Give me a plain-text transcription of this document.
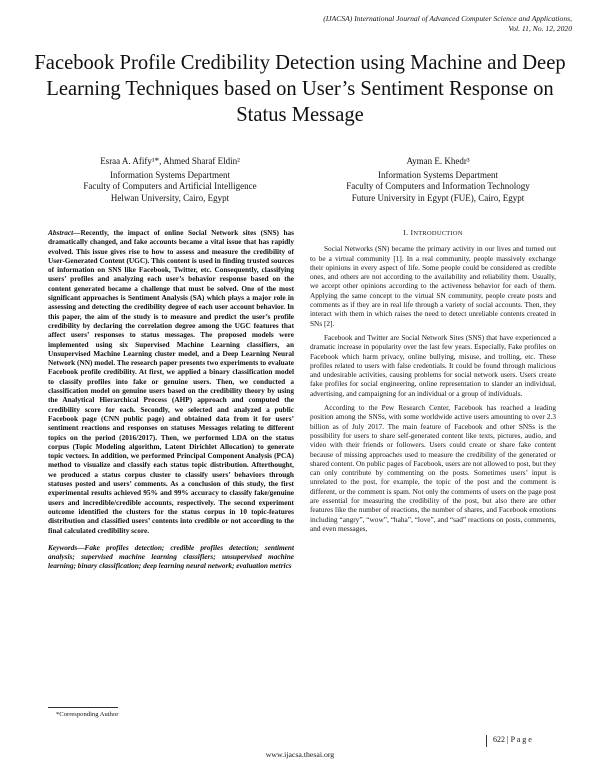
(IJACSA) International Journal of Advanced Computer Science and Applications,
Vol. 11, No. 12, 2020
Facebook Profile Credibility Detection using Machine and Deep Learning Techniques based on User’s Sentiment Response on Status Message
Esraa A. Afify¹*, Ahmed Sharaf Eldin²
Information Systems Department
Faculty of Computers and Artificial Intelligence
Helwan University, Cairo, Egypt
Ayman E. Khedr³
Information Systems Department
Faculty of Computers and Information Technology
Future University in Egypt (FUE), Cairo, Egypt
Abstract—Recently, the impact of online Social Network sites (SNS) has dramatically changed, and fake accounts became a vital issue that has rapidly evolved. This issue gives rise to how to assess and measure the credibility of User-Generated Content (UGC). This content is used in finding trusted sources of information on SNS like Facebook, Twitter, etc. Consequently, classifying users’ profiles and analyzing each user’s behavior response based on the content generated became a challenge that must be solved. One of the most significant approaches is Sentiment Analysis (SA) which plays a major role in assessing and detecting the credibility degree of each user account behavior. In this paper, the aim of the study is to measure and predict the user’s profile credibility by declaring the correlation degree among the UGC features that affect users’ responses to status messages. The proposed models were implemented using six Supervised Machine Learning classifiers, an Unsupervised Machine Learning cluster model, and a Deep Learning Neural Network (NN) model. The research paper presents two experiments to evaluate Facebook profile credibility. At first, we applied a binary classification model to classify profiles into fake or genuine users. Then, we conducted a classification model on genuine users based on the credibility theory by using the Analytical Hierarchical Process (AHP) approach and computed the credibility score for each. Secondly, we selected and analyzed a public Facebook page (CNN public page) and obtained data from it for users’ sentiment reactions and responses on statuses Messages relating to different topics on the period (2016/2017). Then, we performed LDA on the status corpus (Topic Modeling algorithm, Latent Dirichlet Allocation) to generate topic vectors. In addition, we performed Principal Component Analysis (PCA) method to visualize and classify each status topic distribution. Afterthought, we produced a status corpus cluster to classify users’ behaviors through statuses posted and users’ comments. As a conclusion of this study, the first experimental results achieved 95% and 99% accuracy to classify fake/genuine users and incredible/credible accounts, respectively. The second experiment outcome identified the clusters for the status corpus in 10 topic-features distribution and classified users’ contents into credible or not according to the final calculated credibility score.
Keywords—Fake profiles detection; credible profiles detection; sentiment analysis; supervised machine learning classifiers; unsupervised machine learning; binary classification; deep learning neural network; evaluation metrics
I. INTRODUCTION

Social Networks (SN) became the primary activity in our lives and turned out to be a virtual community [1]. In a real community, people massively exchange their opinions in every aspect of life. Some people could be considered as credible ones, and others are not according to the availability and reliability them. Usually, we accept other opinions according to the activeness behavior for each of them. Applying the same concept to the virtual SN community, people create posts and comments as if they are in real life through a variety of social accounts. Then, they interact with them in which raises the need to detect unreliable contents created in SNs [2].

Facebook and Twitter are Social Network Sites (SNS) that have experienced a dramatic increase in popularity over the last few years. Especially, Fake profiles on Facebook which harm privacy, online bullying, misuse, and trolling, etc. These profiles related to users with false credentials. It could be found through malicious and undesirable activities, causing problems for social network users. Users create fake profiles for social engineering, online representation to slander an individual, advertising, and campaigning for an individual or a group of individuals.

According to the Pew Research Center, Facebook has reached a leading position among the SNSs, with some worldwide active users amounting to over 2.3 billion as of July 2017. The main feature of Facebook and other SNSs is the possibility for users to share self-generated content like texts, pictures, audio, and video with their friends or followers. Users could create or share fake content because of missing approaches used to measure the credibility of the generated or shared content. On public pages of Facebook, users are not allowed to post, but they can only contribute by commenting on the posts. Sometimes users’ input is unrelated to the post, for example, the topic of the post and the comment is different, or the comment is spam. Not only the comments of users on the page post are essential for measuring the credibility of the post, but also there are other features like the number of reactions, the number of shares, and Facebook emotions including “angry”, “wow”, “haha”, “love”, and “sad” reactions on posts, comments, and even messages,

*Corresponding Author
622 | P a g e
www.ijacsa.thesai.org
